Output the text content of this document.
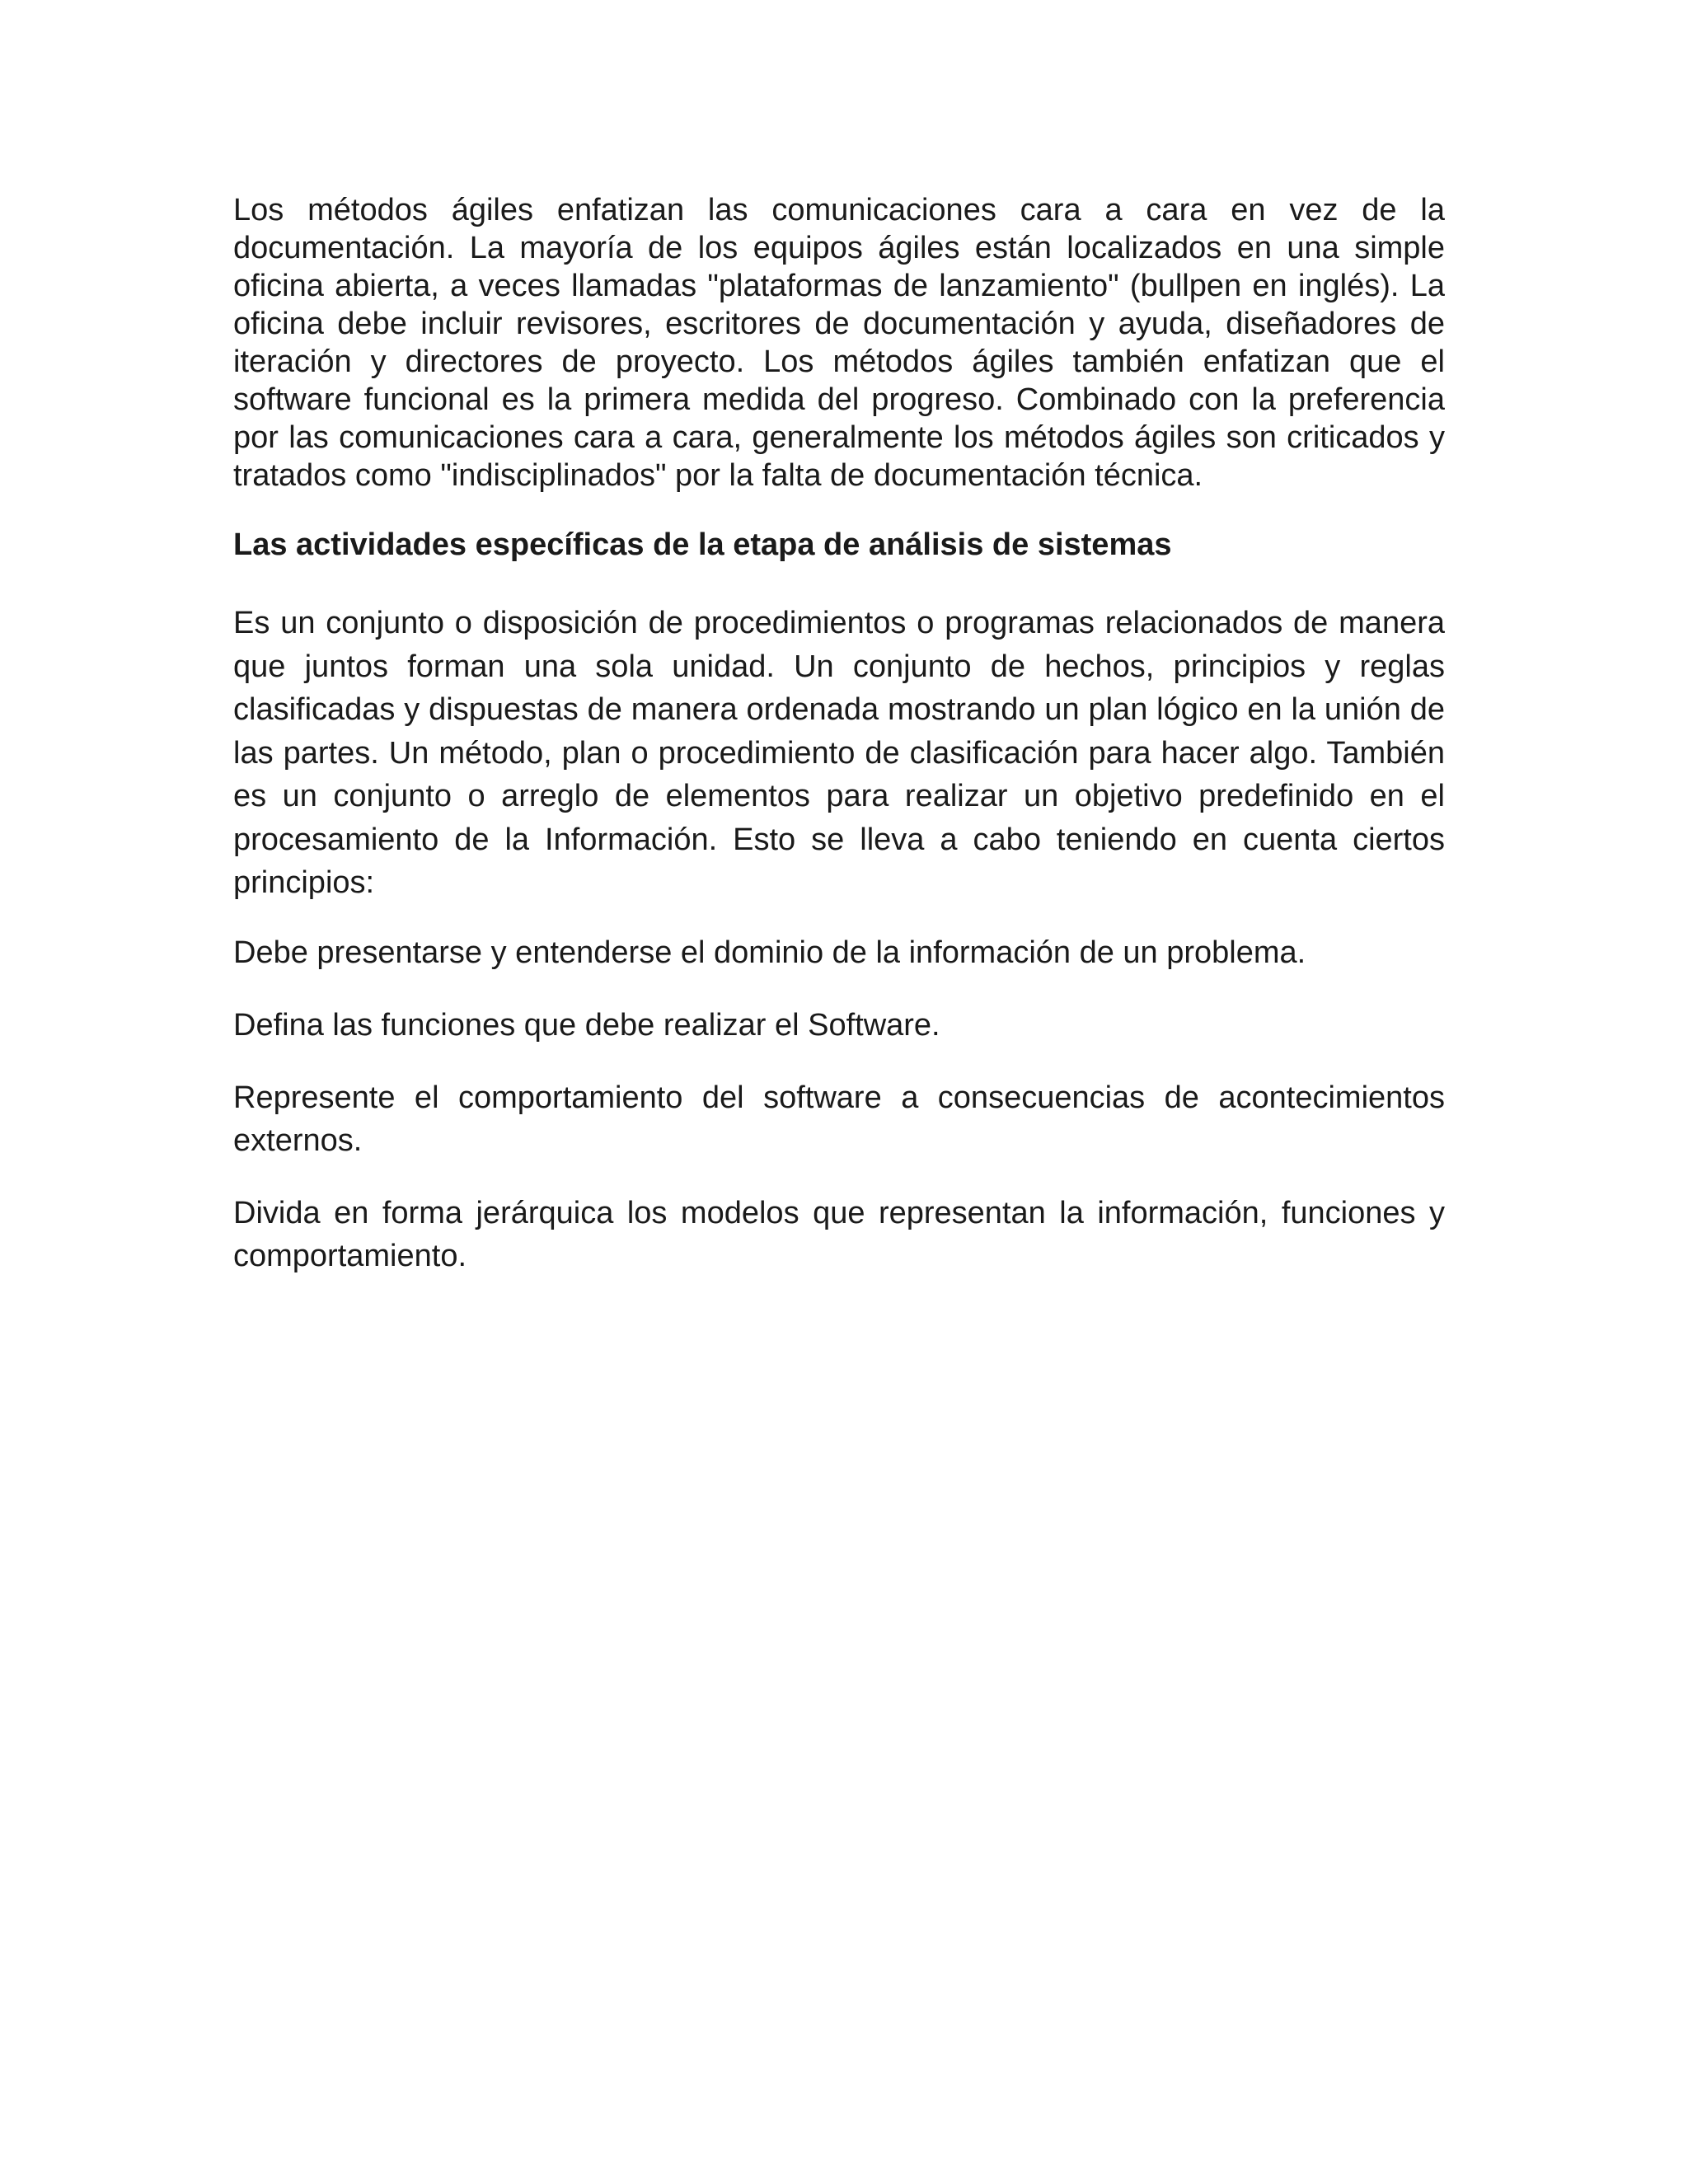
Los métodos ágiles enfatizan las comunicaciones cara a cara en vez de la documentación. La mayoría de los equipos ágiles están localizados en una simple oficina abierta, a veces llamadas "plataformas de lanzamiento" (bullpen en inglés). La oficina debe incluir revisores, escritores de documentación y ayuda, diseñadores de iteración y directores de proyecto. Los métodos ágiles también enfatizan que el software funcional es la primera medida del progreso. Combinado con la preferencia por las comunicaciones cara a cara, generalmente los métodos ágiles son criticados y tratados como "indisciplinados" por la falta de documentación técnica.

Las actividades específicas de la etapa de análisis de sistemas

Es un conjunto o disposición de procedimientos o programas relacionados de manera que juntos forman una sola unidad. Un conjunto de hechos, principios y reglas clasificadas y dispuestas de manera ordenada mostrando un plan lógico en la unión de las partes. Un método, plan o procedimiento de clasificación para hacer algo. También es un conjunto o arreglo de elementos para realizar un objetivo predefinido en el procesamiento de la Información. Esto se lleva a cabo teniendo en cuenta ciertos principios:

Debe presentarse y entenderse el dominio de la información de un problema.

Defina las funciones que debe realizar el Software.

Represente el comportamiento del software a consecuencias de acontecimientos externos.

Divida en forma jerárquica los modelos que representan la información, funciones y comportamiento.
